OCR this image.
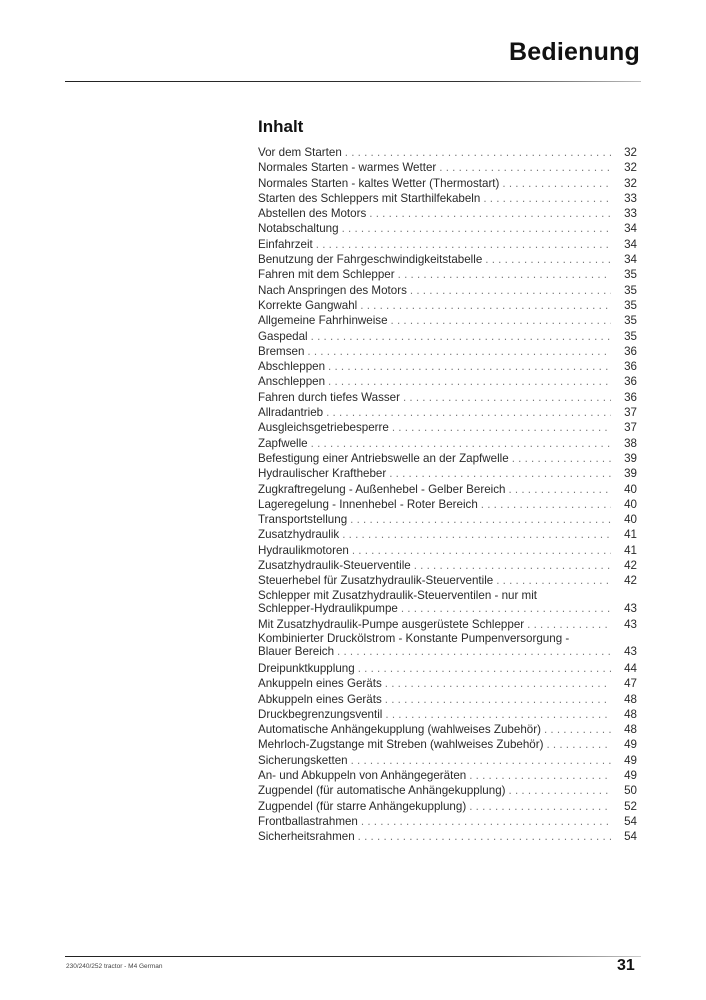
Bedienung
Inhalt
Vor dem Starten . . .	32
Normales Starten - warmes Wetter . . .	32
Normales Starten - kaltes Wetter (Thermostart) . . .	32
Starten des Schleppers mit Starthilfekabeln . . .	33
Abstellen des Motors . . .	33
Notabschaltung . . .	34
Einfahrzeit . . .	34
Benutzung der Fahrgeschwindigkeitstabelle . . .	34
Fahren mit dem Schlepper . . .	35
Nach Anspringen des Motors . . .	35
Korrekte Gangwahl . . .	35
Allgemeine Fahrhinweise . . .	35
Gaspedal . . .	35
Bremsen . . .	36
Abschleppen . . .	36
Anschleppen . . .	36
Fahren durch tiefes Wasser . . .	36
Allradantrieb . . .	37
Ausgleichsgetriebesperre . . .	37
Zapfwelle . . .	38
Befestigung einer Antriebswelle an der Zapfwelle . . .	39
Hydraulischer Kraftheber . . .	39
Zugkraftregelung - Außenhebel - Gelber Bereich . . .	40
Lageregelung - Innenhebel - Roter Bereich . . .	40
Transportstellung . . .	40
Zusatzhydraulik . . .	41
Hydraulikmotoren . . .	41
Zusatzhydraulik-Steuerventile . . .	42
Steuerhebel für Zusatzhydraulik-Steuerventile . . .	42
Schlepper mit Zusatzhydraulik-Steuerventilen - nur mit
Schlepper-Hydraulikpumpe . . .	43
Mit Zusatzhydraulik-Pumpe ausgerüstete Schlepper . . .	43
Kombinierter Druckölstrom - Konstante Pumpenversorgung -
Blauer Bereich . . .	43
Dreipunktkupplung . . .	44
Ankuppeln eines Geräts . . .	47
Abkuppeln eines Geräts . . .	48
Druckbegrenzungsventil . . .	48
Automatische Anhängekupplung (wahlweises Zubehör) . . .	48
Mehrloch-Zugstange mit Streben (wahlweises Zubehör) . . .	49
Sicherungsketten . . .	49
An- und Abkuppeln von Anhängegeräten . . .	49
Zugpendel (für automatische Anhängekupplung) . . .	50
Zugpendel (für starre Anhängekupplung) . . .	52
Frontballastrahmen . . .	54
Sicherheitsrahmen . . .	54
230/240/252 tractor - M4 German	31
